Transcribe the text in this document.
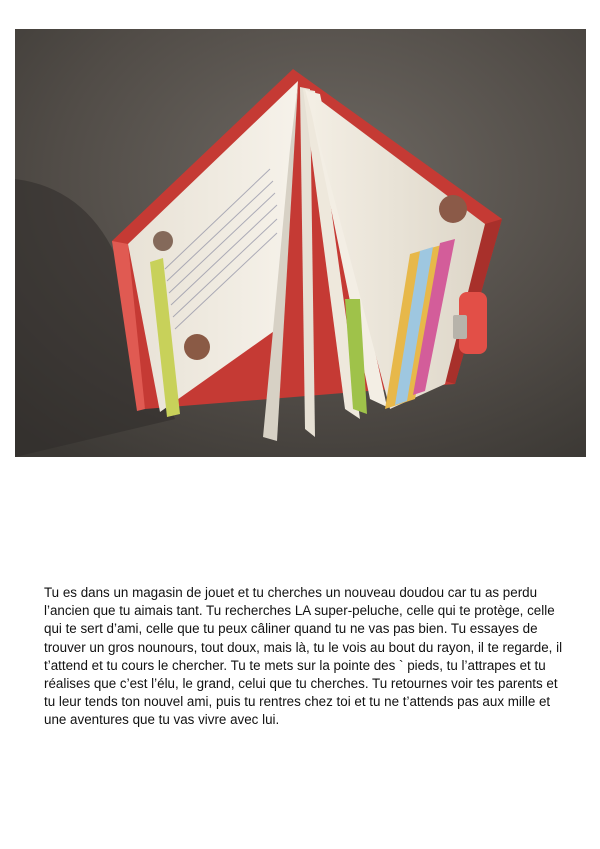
Tu es dans un magasin de jouet et tu cherches un nouveau doudou car tu as perdu l’ancien que tu aimais tant. Tu recherches LA super-peluche, celle qui te protège, celle qui te sert d’ami, celle que tu peux câliner quand tu ne vas pas bien. Tu essayes de trouver un gros nounours, tout doux, mais là, tu le vois au bout du rayon, il te regarde, il t’attend et tu cours le chercher. Tu te mets sur la pointe des ` pieds, tu l’attrapes et tu réalises que c’est l’élu, le grand, celui que tu cherches. Tu retournes voir tes parents et tu leur tends ton nouvel ami, puis tu rentres chez toi et tu ne t’attends pas aux mille et une aventures que tu vas vivre avec lui.
